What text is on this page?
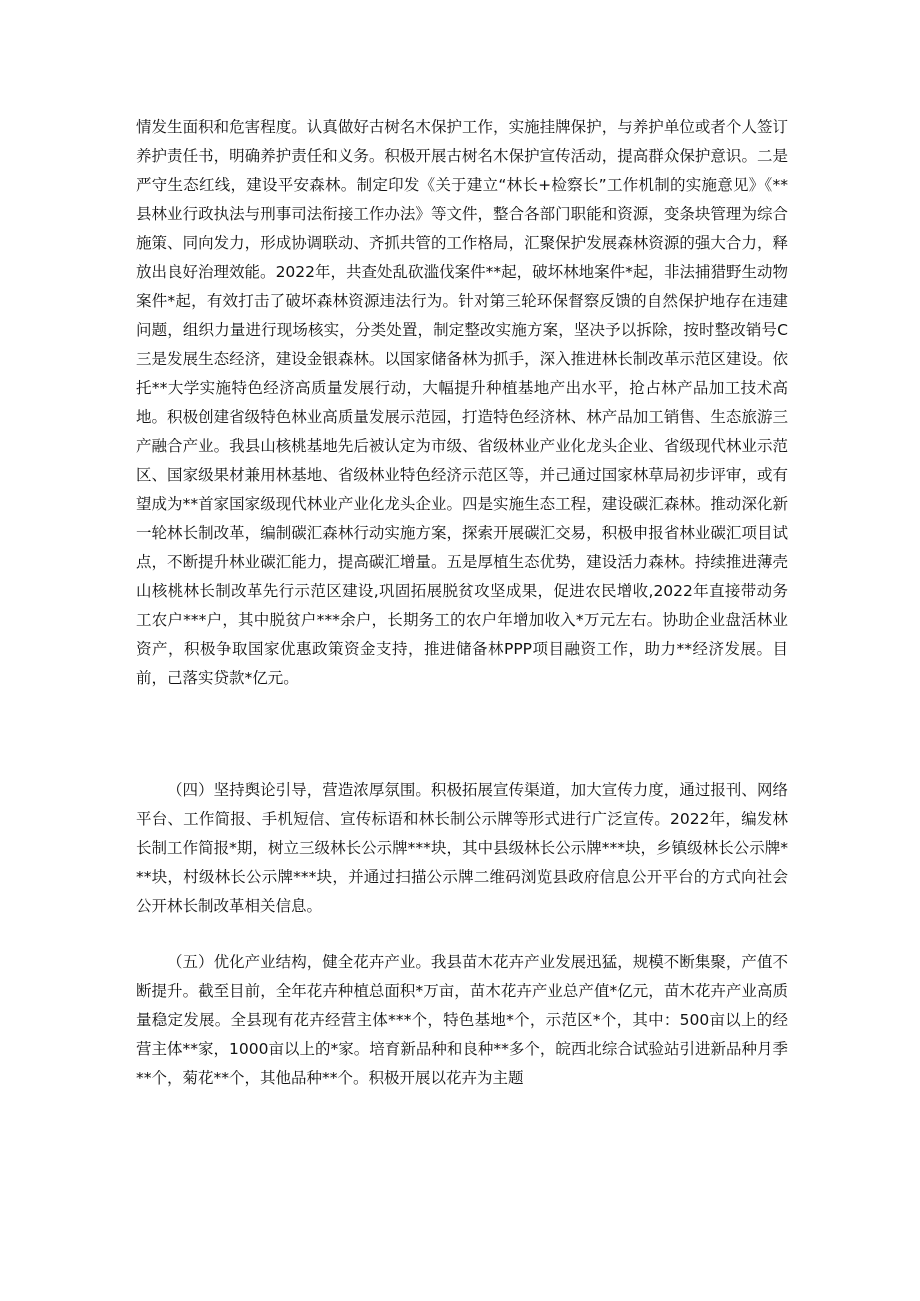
情发生面积和危害程度。认真做好古树名木保护工作，实施挂牌保护，与养护单位或者个人签订养护责任书，明确养护责任和义务。积极开展古树名木保护宣传活动，提高群众保护意识。二是严守生态红线，建设平安森林。制定印发《关于建立“林长+检察长”工作机制的实施意见》《**县林业行政执法与刑事司法衔接工作办法》等文件，整合各部门职能和资源，变条块管理为综合施策、同向发力，形成协调联动、齐抓共管的工作格局，汇聚保护发展森林资源的强大合力，释放出良好治理效能。2022年，共查处乱砍滥伐案件**起，破坏林地案件*起，非法捕猎野生动物案件*起，有效打击了破坏森林资源违法行为。针对第三轮环保督察反馈的自然保护地存在违建问题，组织力量进行现场核实，分类处置，制定整改实施方案，坚决予以拆除，按时整改销号C三是发展生态经济，建设金银森林。以国家储备林为抓手，深入推进林长制改革示范区建设。依托**大学实施特色经济高质量发展行动，大幅提升种植基地产出水平，抢占林产品加工技术高地。积极创建省级特色林业高质量发展示范园，打造特色经济林、林产品加工销售、生态旅游三产融合产业。我县山核桃基地先后被认定为市级、省级林业产业化龙头企业、省级现代林业示范区、国家级果材兼用林基地、省级林业特色经济示范区等，并己通过国家林草局初步评审，或有望成为**首家国家级现代林业产业化龙头企业。四是实施生态工程，建设碳汇森林。推动深化新一轮林长制改革，编制碳汇森林行动实施方案，探索开展碳汇交易，积极申报省林业碳汇项目试点，不断提升林业碳汇能力，提高碳汇增量。五是厚植生态优势，建设活力森林。持续推进薄壳山核桃林长制改革先行示范区建设,巩固拓展脱贫攻坚成果，促进农民增收,2022年直接带动务工农户***户，其中脱贫户***余户，长期务工的农户年增加收入*万元左右。协助企业盘活林业资产，积极争取国家优惠政策资金支持，推进储备林PPP项目融资工作，助力**经济发展。目前，己落实贷款*亿元。

（四）坚持舆论引导，营造浓厚氛围。积极拓展宣传渠道，加大宣传力度，通过报刊、网络平台、工作简报、手机短信、宣传标语和林长制公示牌等形式进行广泛宣传。2022年，编发林长制工作简报*期，树立三级林长公示牌***块，其中县级林长公示牌***块，乡镇级林长公示牌***块，村级林长公示牌***块，并通过扫描公示牌二维码浏览县政府信息公开平台的方式向社会公开林长制改革相关信息。

（五）优化产业结构，健全花卉产业。我县苗木花卉产业发展迅猛，规模不断集聚，产值不断提升。截至目前，全年花卉种植总面积*万亩，苗木花卉产业总产值*亿元，苗木花卉产业高质量稳定发展。全县现有花卉经营主体***个，特色基地*个，示范区*个，其中：500亩以上的经营主体**家，1000亩以上的*家。培育新品种和良种**多个，皖西北综合试验站引进新品种月季**个，菊花**个，其他品种**个。积极开展以花卉为主题
